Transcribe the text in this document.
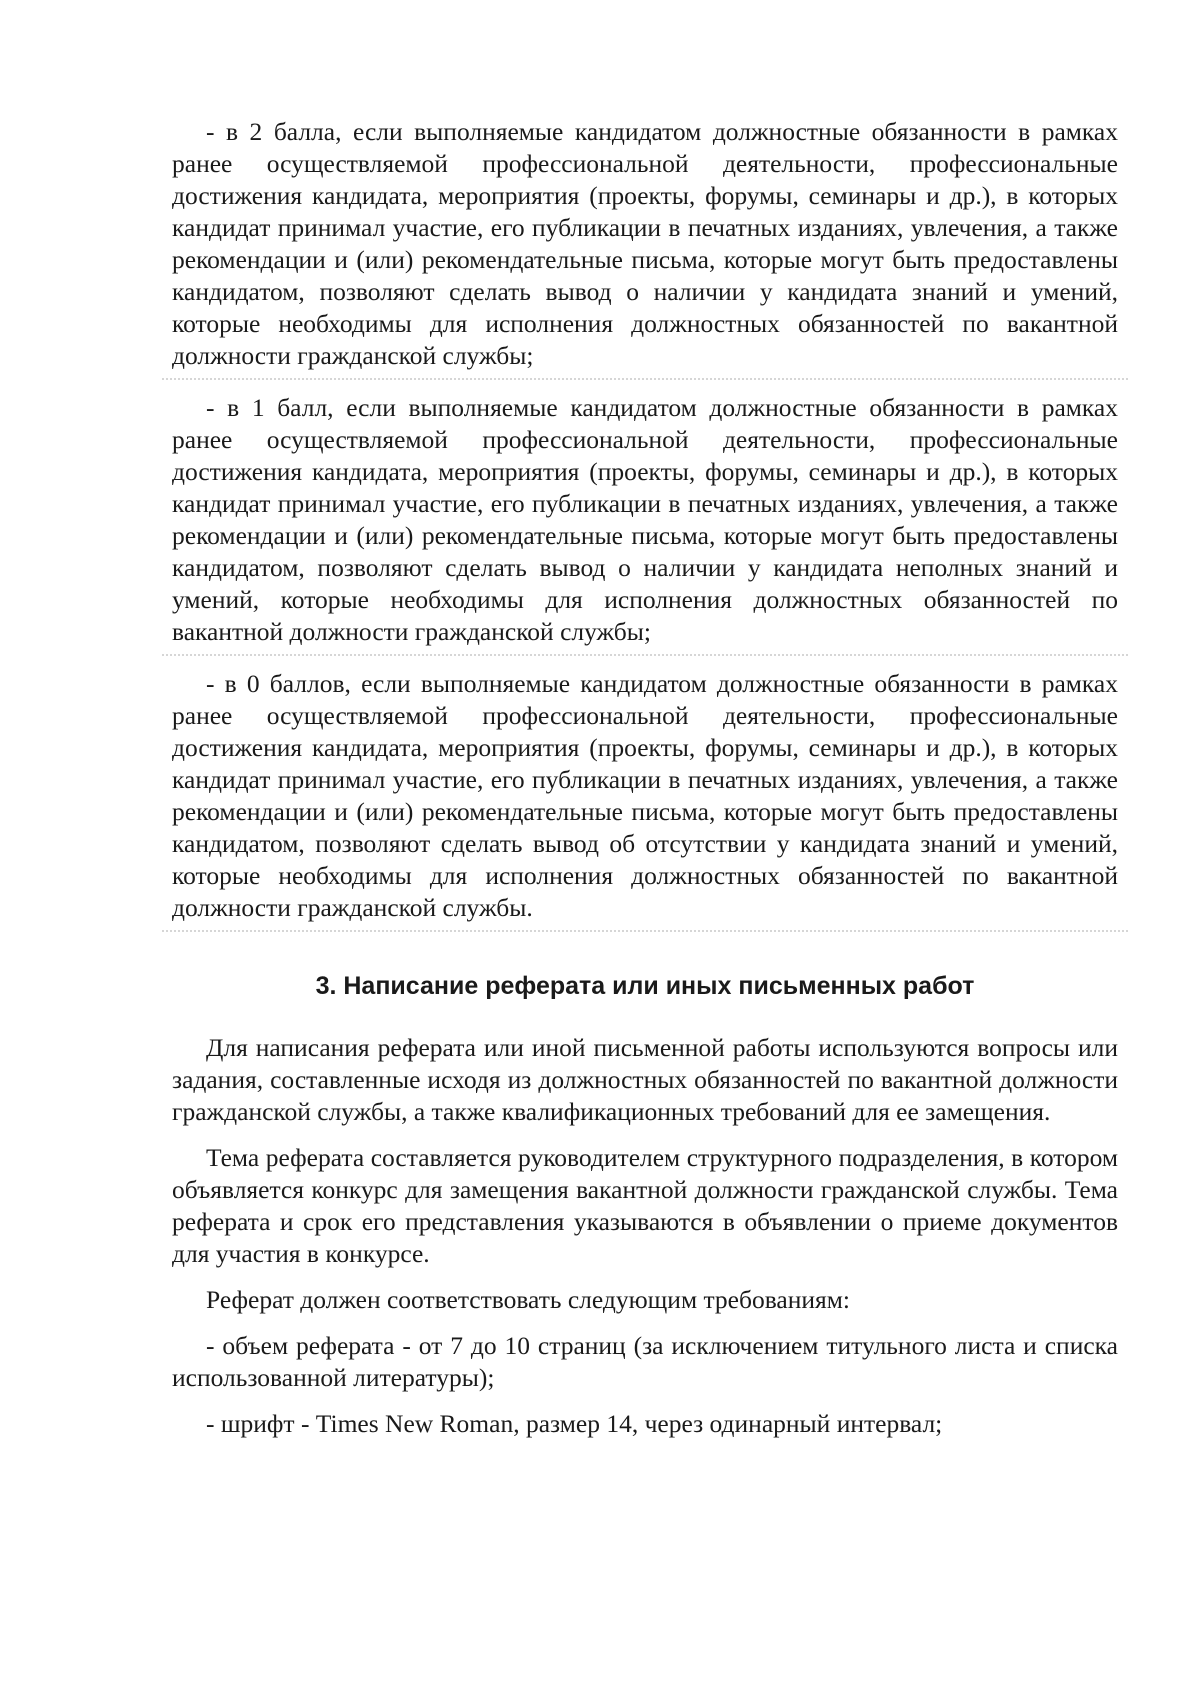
- в 2 балла, если выполняемые кандидатом должностные обязанности в рамках ранее осуществляемой профессиональной деятельности, профессиональные достижения кандидата, мероприятия (проекты, форумы, семинары и др.), в которых кандидат принимал участие, его публикации в печатных изданиях, увлечения, а также рекомендации и (или) рекомендательные письма, которые могут быть предоставлены кандидатом, позволяют сделать вывод о наличии у кандидата знаний и умений, которые необходимы для исполнения должностных обязанностей по вакантной должности гражданской службы;

- в 1 балл, если выполняемые кандидатом должностные обязанности в рамках ранее осуществляемой профессиональной деятельности, профессиональные достижения кандидата, мероприятия (проекты, форумы, семинары и др.), в которых кандидат принимал участие, его публикации в печатных изданиях, увлечения, а также рекомендации и (или) рекомендательные письма, которые могут быть предоставлены кандидатом, позволяют сделать вывод о наличии у кандидата неполных знаний и умений, которые необходимы для исполнения должностных обязанностей по вакантной должности гражданской службы;

- в 0 баллов, если выполняемые кандидатом должностные обязанности в рамках ранее осуществляемой профессиональной деятельности, профессиональные достижения кандидата, мероприятия (проекты, форумы, семинары и др.), в которых кандидат принимал участие, его публикации в печатных изданиях, увлечения, а также рекомендации и (или) рекомендательные письма, которые могут быть предоставлены кандидатом, позволяют сделать вывод об отсутствии у кандидата знаний и умений, которые необходимы для исполнения должностных обязанностей по вакантной должности гражданской службы.

3. Написание реферата или иных письменных работ

Для написания реферата или иной письменной работы используются вопросы или задания, составленные исходя из должностных обязанностей по вакантной должности гражданской службы, а также квалификационных требований для ее замещения.

Тема реферата составляется руководителем структурного подразделения, в котором объявляется конкурс для замещения вакантной должности гражданской службы. Тема реферата и срок его представления указываются в объявлении о приеме документов для участия в конкурсе.

Реферат должен соответствовать следующим требованиям:

- объем реферата - от 7 до 10 страниц (за исключением титульного листа и списка использованной литературы);

- шрифт - Times New Roman, размер 14, через одинарный интервал;
